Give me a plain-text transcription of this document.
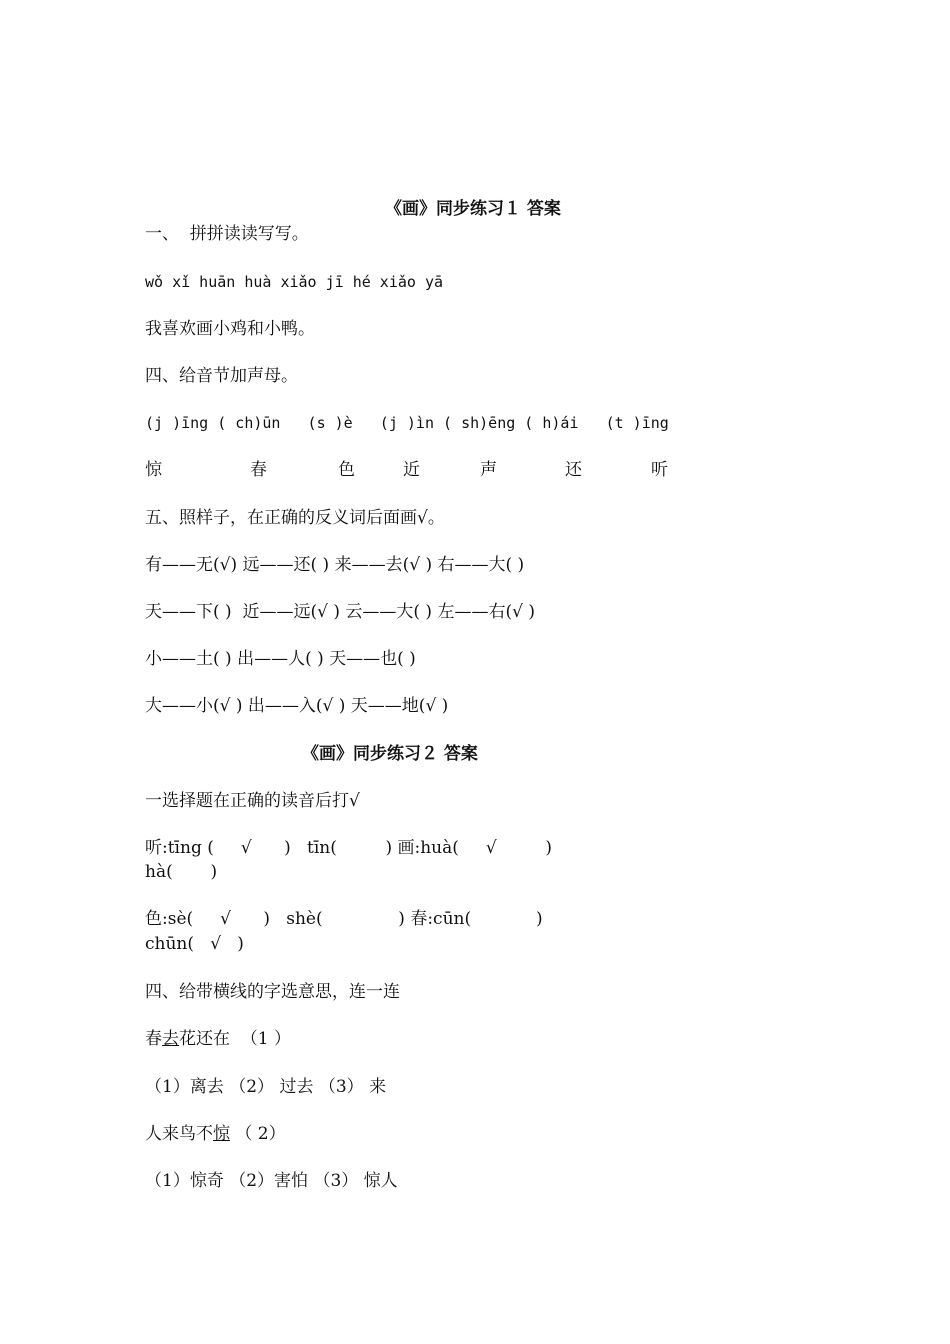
《画》同步练习１ 答案
一、  拼拼读读写写。
wǒ xǐ huān huà xiǎo jī hé xiǎo yā
我喜欢画小鸡和小鸭。
四、给音节加声母。
(j )īng ( ch)ūn   (s )è   (j )ìn ( sh)ēng ( h)ái   (t )īng

惊

	春

	色

	近

	声

	还

	听

五、照样子，在正确的反义词后面画√。
有——无(√) 远——还( ) 来——去(√ ) 右——大( )
天——下( )  近——远(√ ) 云——大( ) 左——右(√ )
小——土( ) 出——人( ) 天——也( )
大——小(√ ) 出——入(√ ) 天——地(√ )
《画》同步练习２ 答案
一选择题在正确的读音后打√
听:tīng (     √      )   tīn(         ) 画:huà(     √         )
hà(       )
色:sè(     √      )   shè(              ) 春:cūn(            )
chūn(   √   )
四、给带横线的字选意思，连一连
春去花还在  （1 ）
（1）离去 （2） 过去 （3） 来
人来鸟不惊 （ 2）
（1）惊奇 （2）害怕 （3） 惊人
